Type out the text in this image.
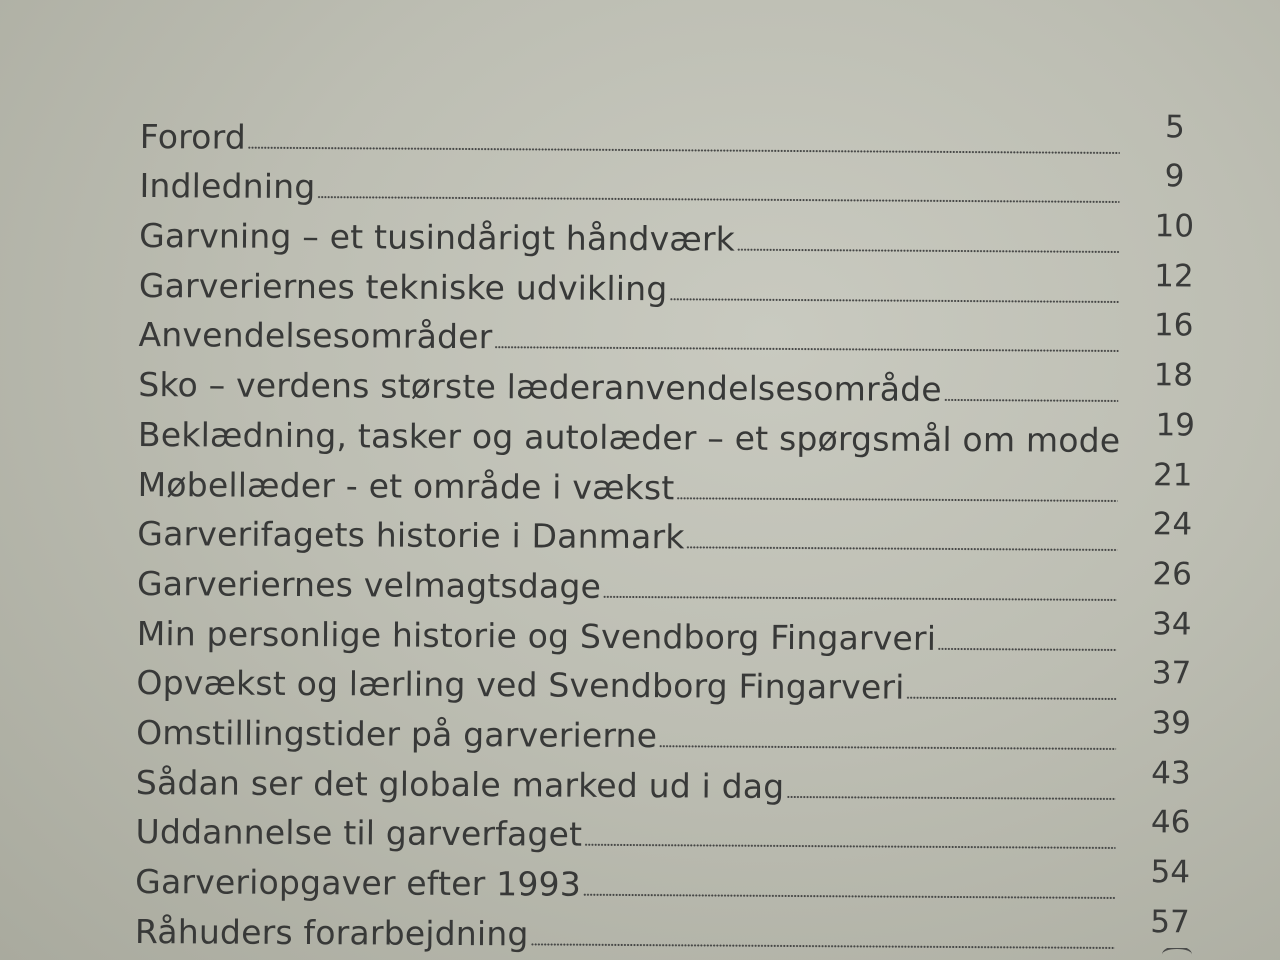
Forord	5
Indledning	9
Garvning – et tusindårigt håndværk	10
Garveriernes tekniske udvikling	12
Anvendelsesområder	16
Sko – verdens største læderanvendelsesområde	18
Beklædning, tasker og autolæder – et spørgsmål om mode 19
Møbellæder - et område i vækst	21
Garverifagets historie i Danmark	24
Garveriernes velmagtsdage	26
Min personlige historie og Svendborg Fingarveri	34
Opvækst og lærling ved Svendborg Fingarveri	37
Omstillingstider på garverierne	39
Sådan ser det globale marked ud i dag	43
Uddannelse til garverfaget	46
Garveriopgaver efter 1993	54
Råhuders forarbejdning	57
